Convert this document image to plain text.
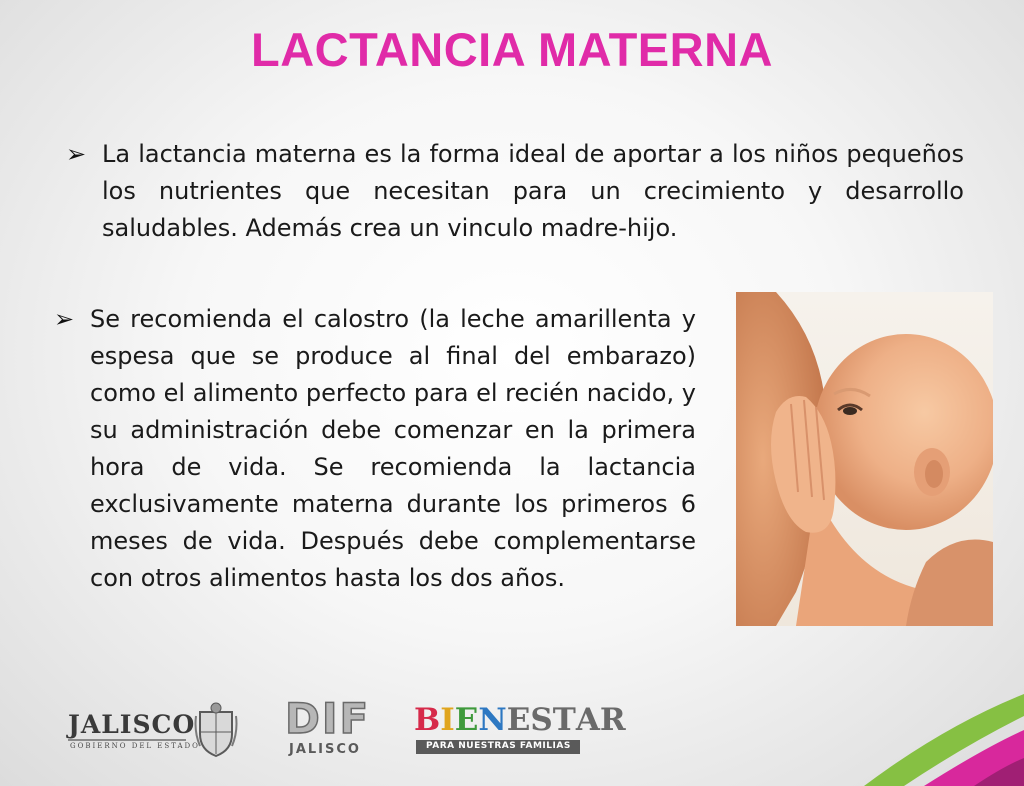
LACTANCIA MATERNA
➢ La lactancia materna es la forma ideal de aportar a los niños pequeños los nutrientes que necesitan para un crecimiento y desarrollo saludables. Además crea un vinculo madre-hijo.

➢ Se recomienda el calostro (la leche amarillenta y espesa que se produce al final del embarazo) como el alimento perfecto para el recién nacido, y su administración debe comenzar en la primera hora de vida. Se recomienda la lactancia exclusivamente materna durante los primeros 6 meses de vida. Después debe complementarse con otros alimentos hasta los dos años.

JALISCO
GOBIERNO DEL ESTADO
DIF
JALISCO
BIENESTAR
PARA NUESTRAS FAMILIAS
